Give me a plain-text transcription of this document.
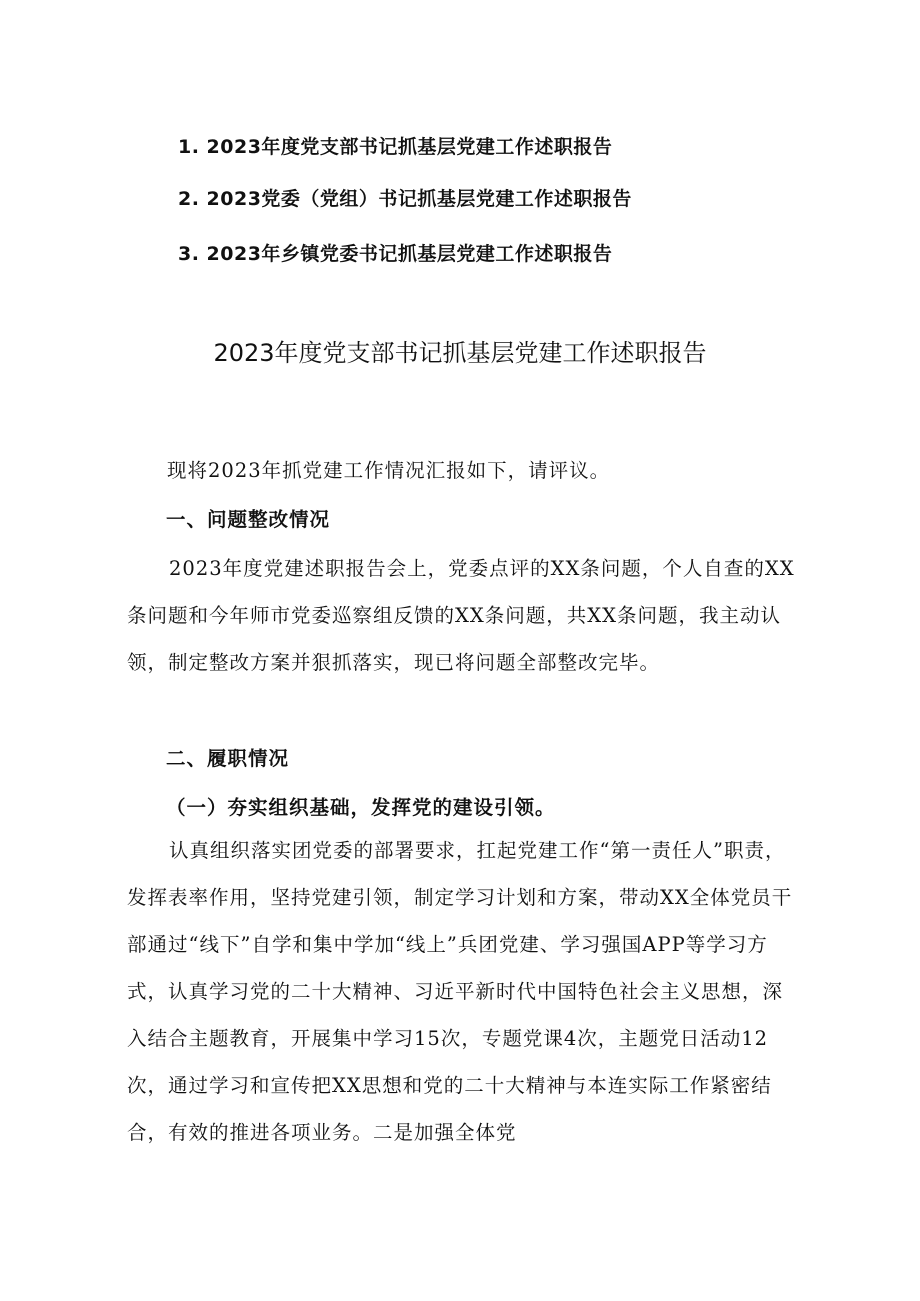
1. 2023年度党支部书记抓基层党建工作述职报告
2. 2023党委（党组）书记抓基层党建工作述职报告
3. 2023年乡镇党委书记抓基层党建工作述职报告
2023年度党支部书记抓基层党建工作述职报告

现将2023年抓党建工作情况汇报如下，请评议。

一、问题整改情况

2023年度党建述职报告会上，党委点评的XX条问题，个人自查的XX条问题和今年师市党委巡察组反馈的XX条问题，共XX条问题，我主动认领，制定整改方案并狠抓落实，现已将问题全部整改完毕。

二、履职情况
（一）夯实组织基础，发挥党的建设引领。

认真组织落实团党委的部署要求，扛起党建工作“第一责任人”职责，发挥表率作用，坚持党建引领，制定学习计划和方案，带动XX全体党员干部通过“线下”自学和集中学加“线上”兵团党建、学习强国APP等学习方式，认真学习党的二十大精神、习近平新时代中国特色社会主义思想，深入结合主题教育，开展集中学习15次，专题党课4次，主题党日活动12次，通过学习和宣传把XX思想和党的二十大精神与本连实际工作紧密结合，有效的推进各项业务。二是加强全体党
